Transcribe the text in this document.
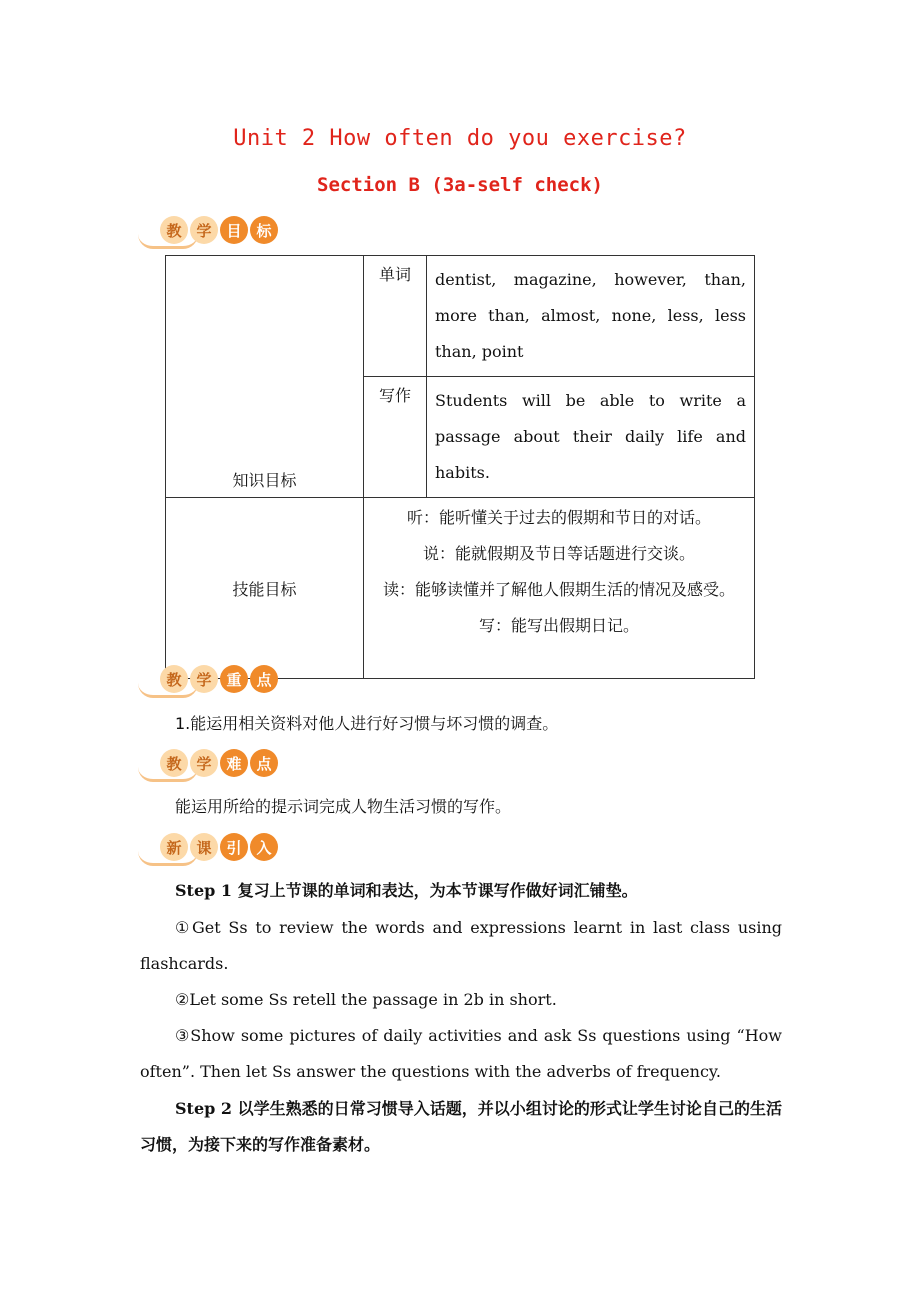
Unit 2 How often do you exercise?
Section B (3a-self check)
教 学 目 标
知识目标	单词	dentist, magazine, however, than, more than, almost, none, less, less than, point
	写作	Students will be able to write a passage about their daily life and habits.
技能目标	听：能听懂关于过去的假期和节日的对话。
说：能就假期及节日等话题进行交谈。
读：能够读懂并了解他人假期生活的情况及感受。
写：能写出假期日记。	
教 学 重 点
1.能运用相关资料对他人进行好习惯与坏习惯的调查。
教 学 难 点
能运用所给的提示词完成人物生活习惯的写作。
新 课 引 入
Step 1 复习上节课的单词和表达，为本节课写作做好词汇铺垫。
①Get Ss to review the words and expressions learnt in last class using flashcards.
②Let some Ss retell the passage in 2b in short.
③Show some pictures of daily activities and ask Ss questions using “How often”. Then let Ss answer the questions with the adverbs of frequency.
Step 2 以学生熟悉的日常习惯导入话题，并以小组讨论的形式让学生讨论自己的生活习惯，为接下来的写作准备素材。
